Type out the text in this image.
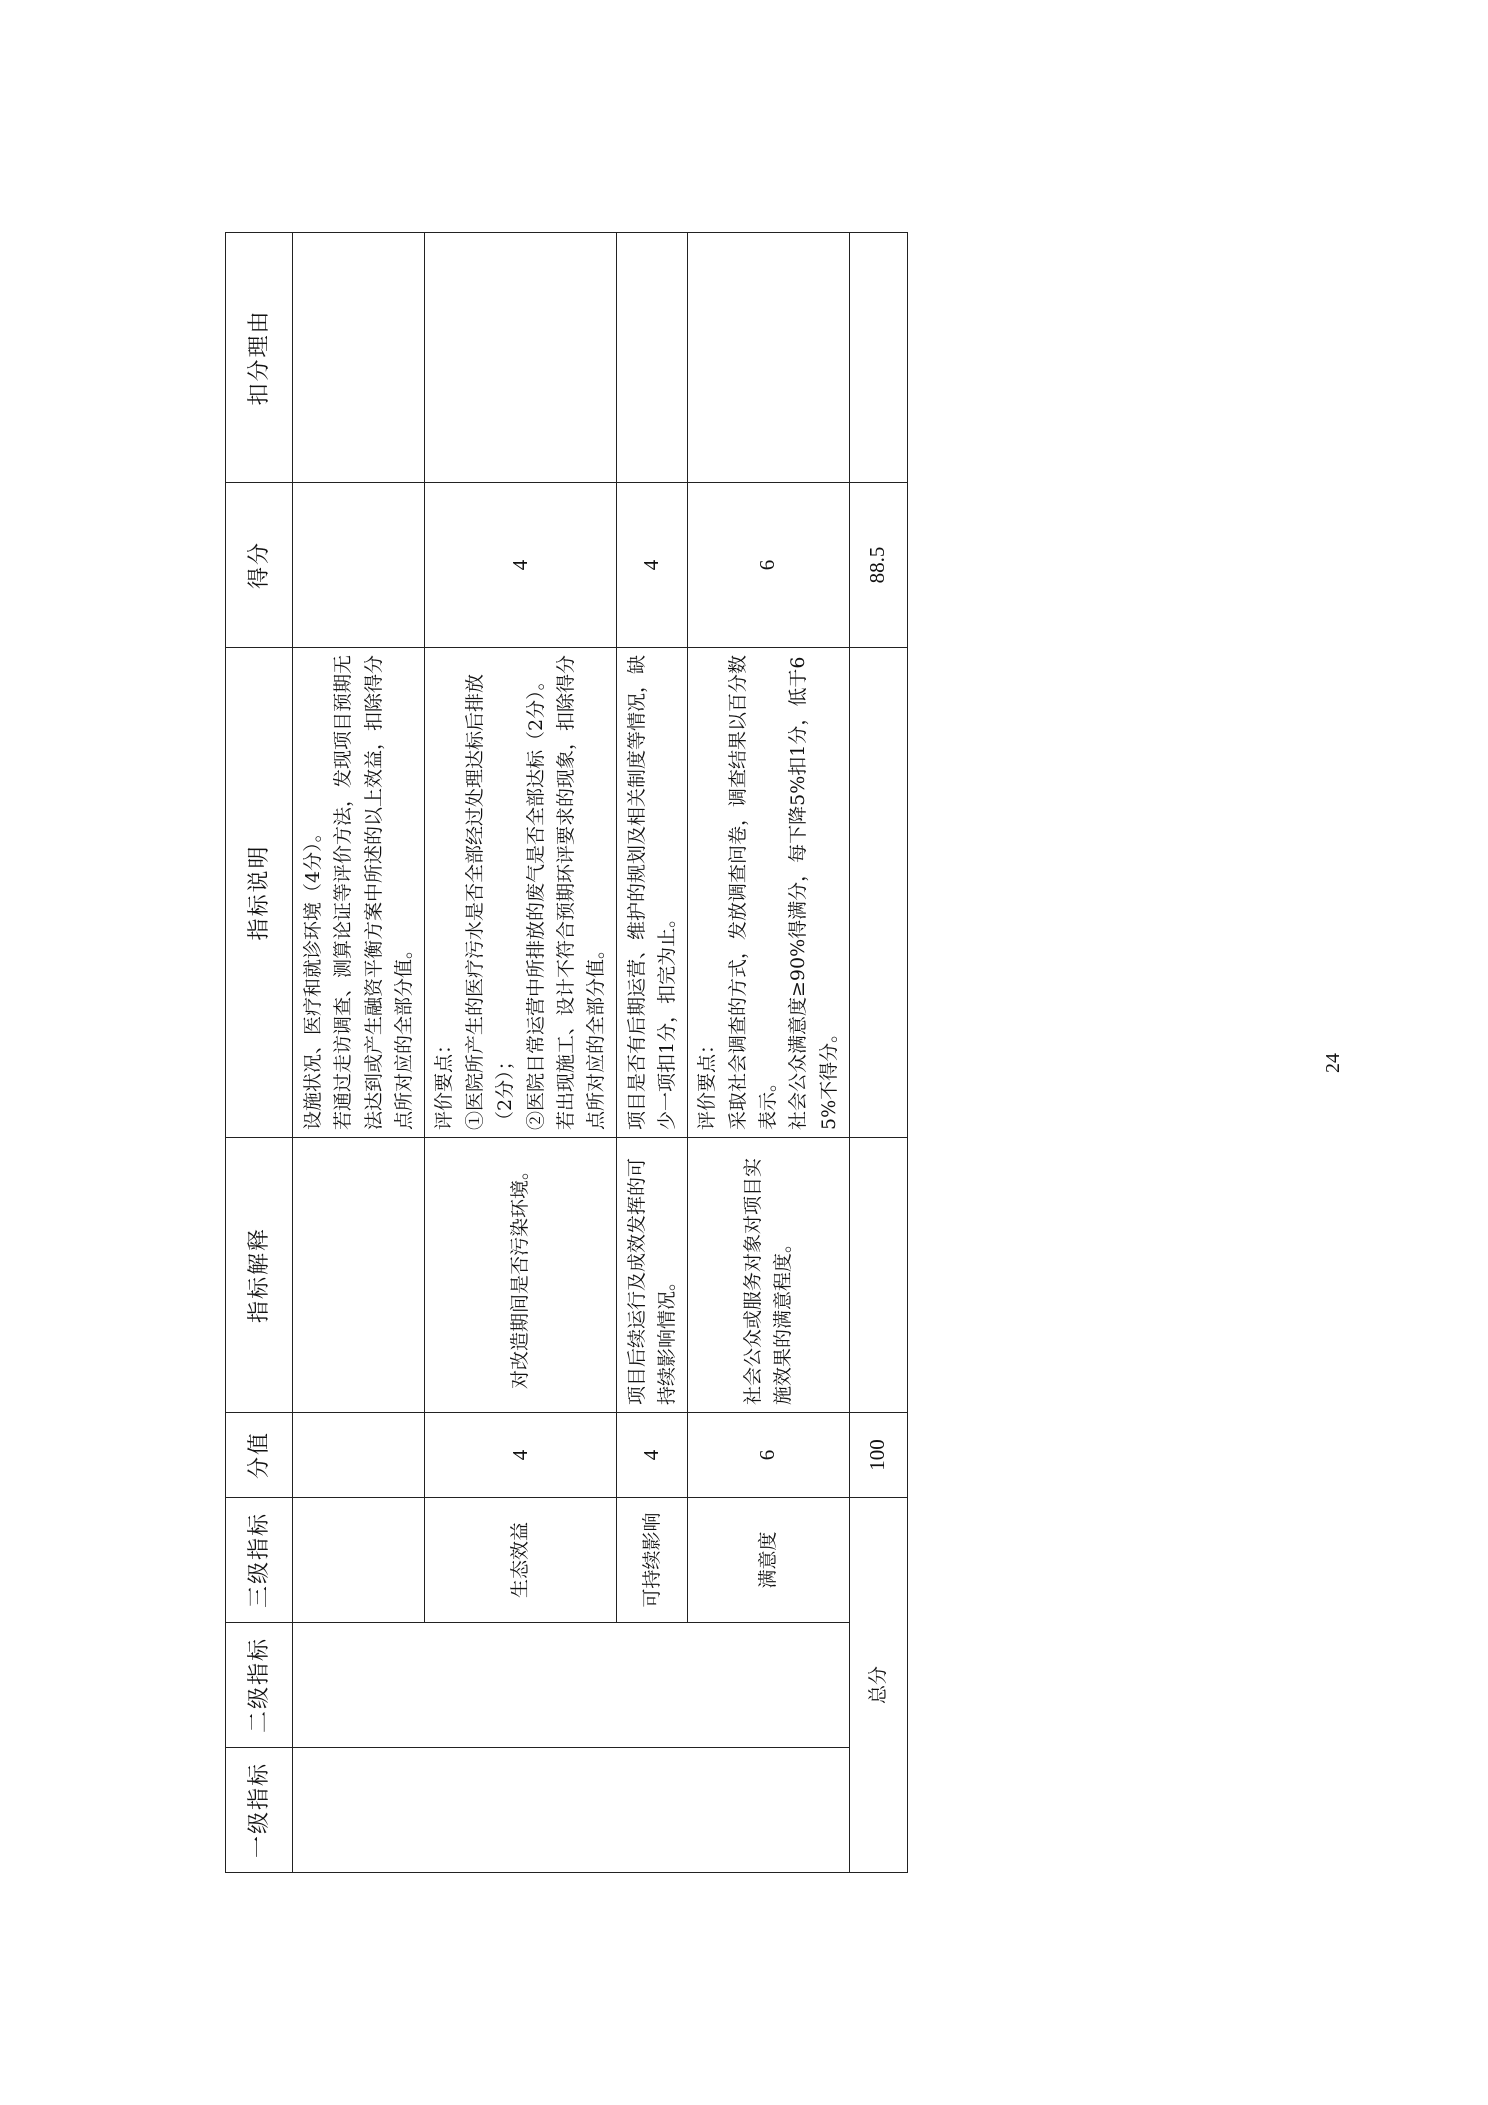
一级指标	二级指标	三级指标	分值	指标解释	指标说明	得分	扣分理由
					设施状况、医疗和就诊环境（4分）。
若通过走访调查、测算论证等评价方法，发现项目预期无法达到或产生融资平衡方案中所述的以上效益，扣除得分点所对应的全部分值。		
		生态效益	4	对改造期间是否污染环境。	评价要点：
①医院所产生的医疗污水是否全部经过处理达标后排放（2分）；
②医院日常运营中所排放的废气是否全部达标（2分）。若出现施工、设计不符合预期环评要求的现象，扣除得分点所对应的全部分值。	4	
		可持续影响	4	项目后续运行及成效发挥的可持续影响情况。	项目是否有后期运营、维护的规划及相关制度等情况，缺少一项扣1分，扣完为止。	4	
		满意度	6	社会公众或服务对象对项目实施效果的满意程度。	评价要点：
采取社会调查的方式，发放调查问卷，调查结果以百分数表示。
社会公众满意度≥90%得满分，每下降5%扣1分，低于65%不得分。	6	
总分			100			88.5	
24
